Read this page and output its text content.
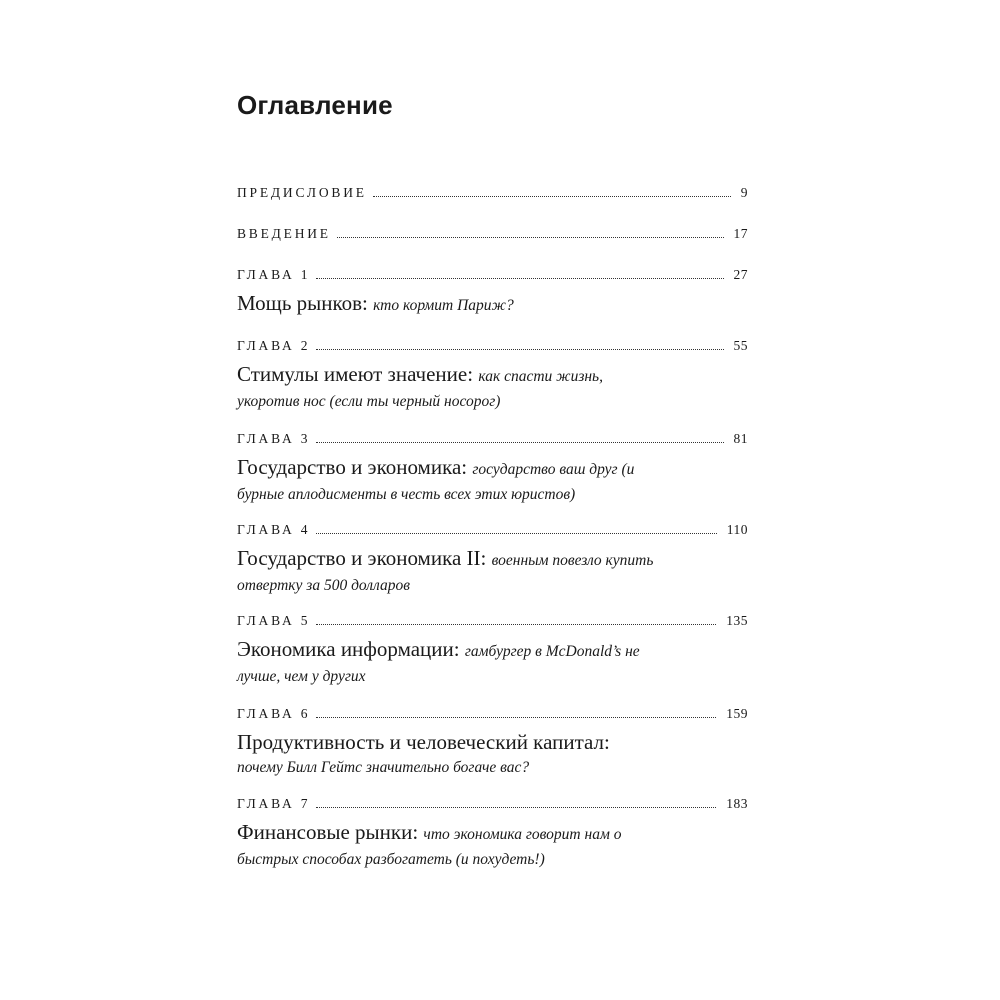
Оглавление
ПРЕДИСЛОВИЕ	9
ВВЕДЕНИЕ	17
ГЛАВА 1	27
Мощь рынков: кто кормит Париж?
ГЛАВА 2	55
Стимулы имеют значение: как спасти жизнь, укоротив нос (если ты черный носорог)
ГЛАВА 3	81
Государство и экономика: государство ваш друг (и бурные аплодисменты в честь всех этих юристов)
ГЛАВА 4	110
Государство и экономика II: военным повезло купить отвертку за 500 долларов
ГЛАВА 5	135
Экономика информации: гамбургер в McDonald’s не лучше, чем у других
ГЛАВА 6	159
Продуктивность и человеческий капитал: почему Билл Гейтс значительно богаче вас?
ГЛАВА 7	183
Финансовые рынки: что экономика говорит нам о быстрых способах разбогатеть (и похудеть!)
